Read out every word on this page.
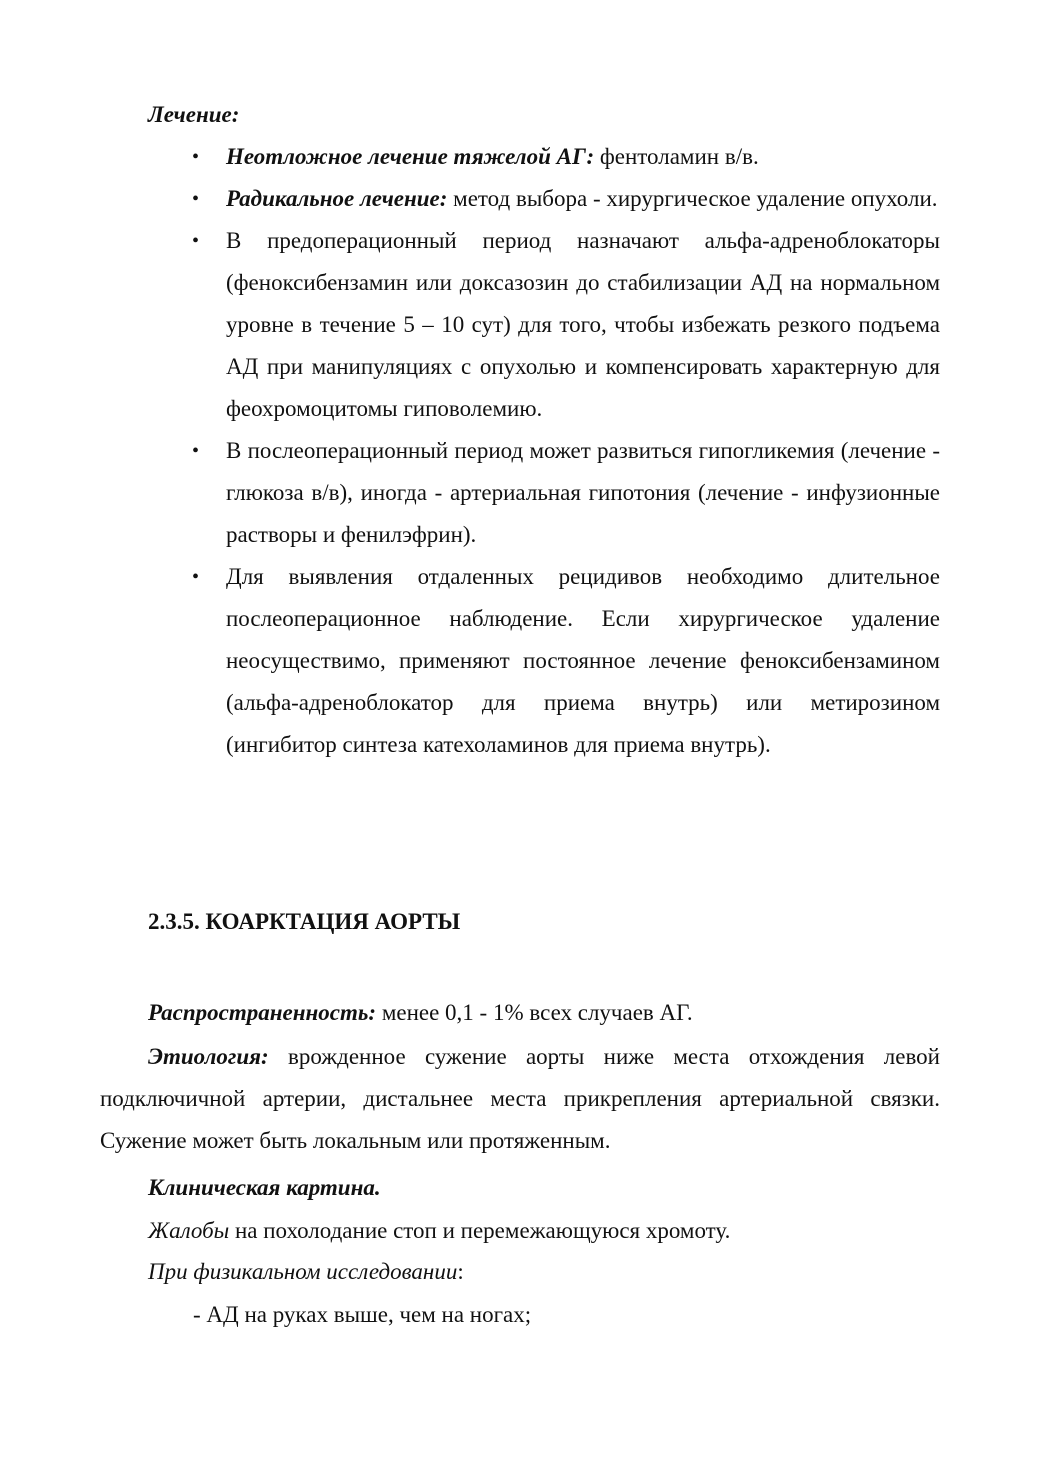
Лечение:
• Неотложное лечение тяжелой АГ: фентоламин в/в.
• Радикальное лечение: метод выбора - хирургическое удаление опухоли.
• В предоперационный период назначают альфа-адреноблокаторы (феноксибензамин или доксазозин до стабилизации АД на нормальном уровне в течение 5 – 10 сут) для того, чтобы избежать резкого подъема АД при манипуляциях с опухолью и компенсировать характерную для феохромоцитомы гиповолемию.
• В послеоперационный период может развиться гипогликемия (лечение - глюкоза в/в), иногда - артериальная гипотония (лечение - инфузионные растворы и фенилэфрин).
• Для выявления отдаленных рецидивов необходимо длительное послеоперационное наблюдение. Если хирургическое удаление неосуществимо, применяют постоянное лечение феноксибензамином (альфа-адреноблокатор для приема внутрь) или метирозином (ингибитор синтеза катехоламинов для приема внутрь).
2.3.5. КОАРКТАЦИЯ АОРТЫ
Распространенность: менее 0,1 - 1% всех случаев АГ.
Этиология: врожденное сужение аорты ниже места отхождения левой подключичной артерии, дистальнее места прикрепления артериальной связки. Сужение может быть локальным или протяженным.
Клиническая картина.
Жалобы на похолодание стоп и перемежающуюся хромоту.
При физикальном исследовании:
- АД на руках выше, чем на ногах;
